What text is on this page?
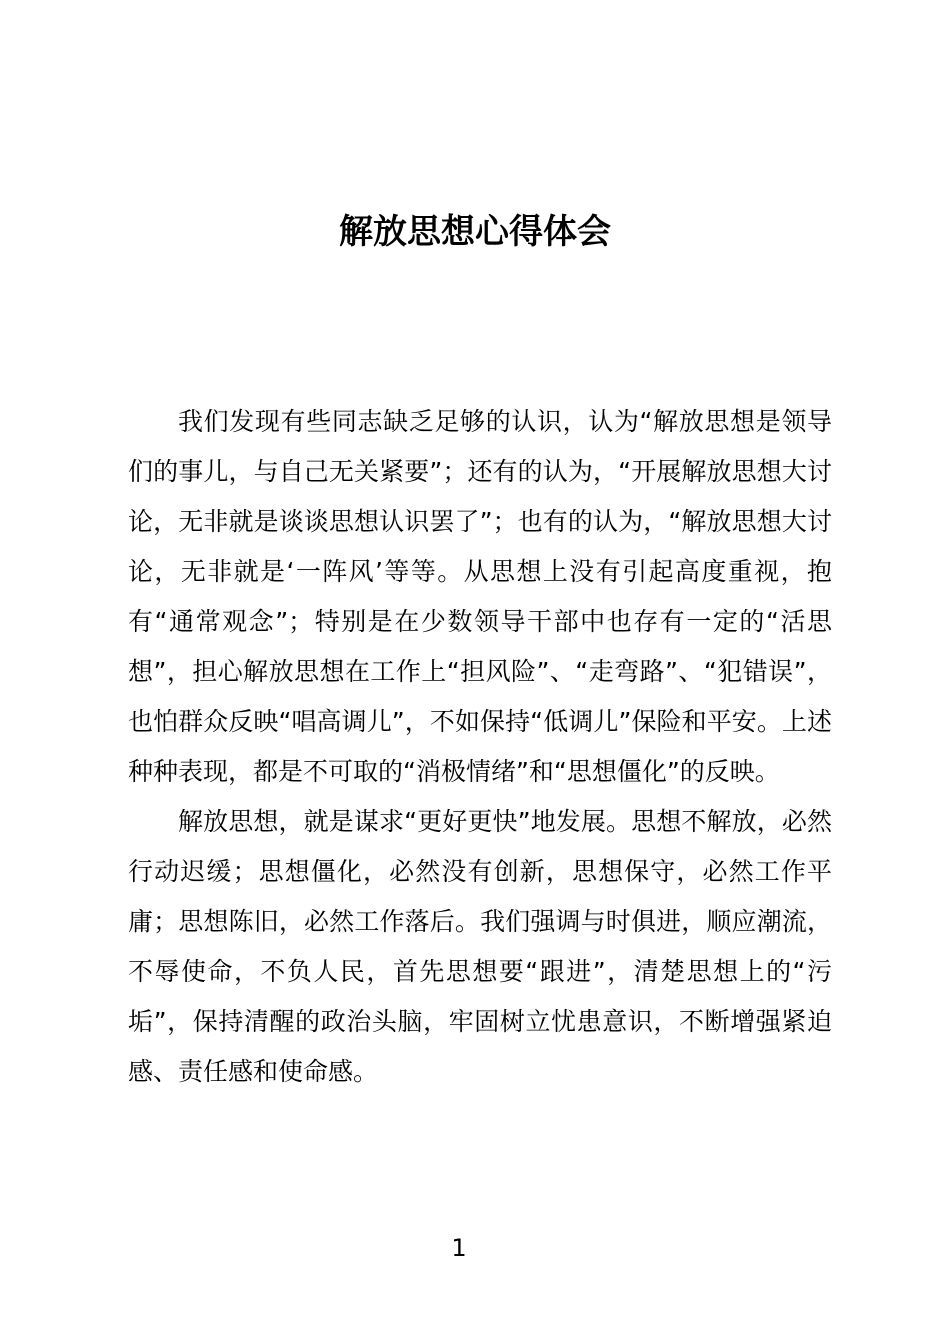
解放思想心得体会

我们发现有些同志缺乏足够的认识，认为“解放思想是领导们的事儿，与自己无关紧要”；还有的认为，“开展解放思想大讨论，无非就是谈谈思想认识罢了”；也有的认为，“解放思想大讨论，无非就是‘一阵风’等等。从思想上没有引起高度重视，抱有“通常观念”；特别是在少数领导干部中也存有一定的“活思想”，担心解放思想在工作上“担风险”、“走弯路”、“犯错误”，也怕群众反映“唱高调儿”，不如保持“低调儿”保险和平安。上述种种表现，都是不可取的“消极情绪”和“思想僵化”的反映。

解放思想，就是谋求“更好更快”地发展。思想不解放，必然行动迟缓；思想僵化，必然没有创新，思想保守，必然工作平庸；思想陈旧，必然工作落后。我们强调与时俱进，顺应潮流，不辱使命，不负人民，首先思想要“跟进”，清楚思想上的“污垢”，保持清醒的政治头脑，牢固树立忧患意识，不断增强紧迫感、责任感和使命感。

1
